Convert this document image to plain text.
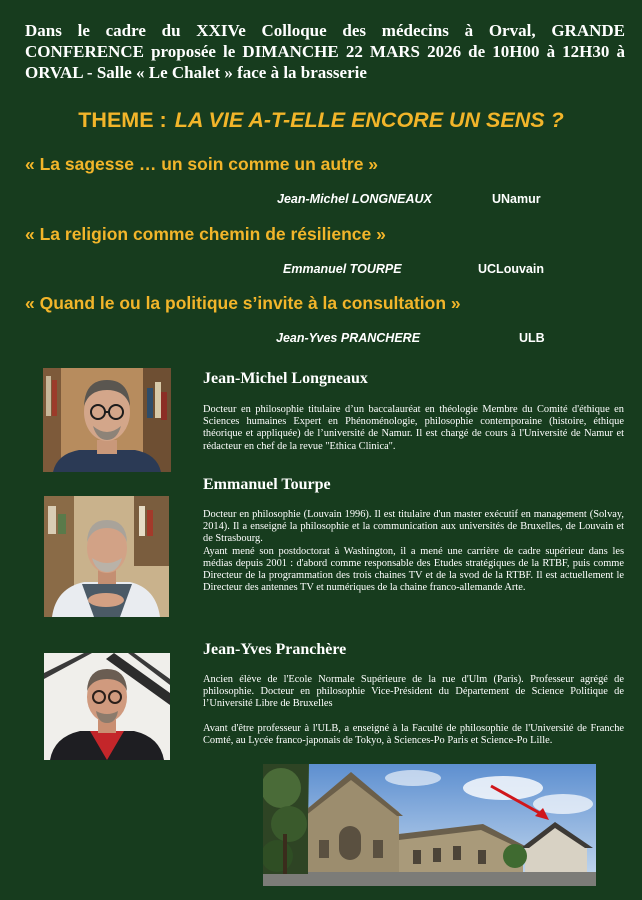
Dans le cadre du XXIVe Colloque des médecins à Orval, GRANDE CONFERENCE proposée le DIMANCHE 22 MARS 2026 de 10H00 à 12H30 à ORVAL - Salle « Le Chalet » face à la brasserie
THEME : LA VIE A-T-ELLE ENCORE UN SENS ?
« La sagesse … un soin comme un autre »
Jean-Michel LONGNEAUX	UNamur
« La religion comme chemin de résilience »
Emmanuel TOURPE	UCLouvain
« Quand le ou la politique s’invite à la consultation »
Jean-Yves PRANCHERE	ULB
Jean-Michel Longneaux

Docteur en philosophie titulaire d’un baccalauréat en théologie Membre du Comité d'éthique en Sciences humaines Expert en Phénoménologie, philosophie contemporaine (histoire, éthique théorique et appliquée) de l’université de Namur. Il est chargé de cours à l'Université de Namur et rédacteur en chef de la revue "Ethica Clinica".

Emmanuel Tourpe

Docteur en philosophie (Louvain 1996). Il est titulaire d'un master exécutif en management (Solvay, 2014). Il a enseigné la philosophie et la communication aux universités de Bruxelles, de Louvain et de Strasbourg.

Ayant mené son postdoctorat à Washington, il a mené une carrière de cadre supérieur dans les médias depuis 2001 : d'abord comme responsable des Etudes stratégiques de la RTBF, puis comme Directeur de la programmation des trois chaines TV et de la svod de la RTBF. Il est actuellement le Directeur des antennes TV et numériques de la chaine franco-allemande Arte.

Jean-Yves Pranchère

Ancien élève de l'Ecole Normale Supérieure de la rue d'Ulm (Paris). Professeur agrégé de philosophie. Docteur en philosophie Vice-Président du Département de Science Politique de l’Université Libre de Bruxelles

Avant d'être professeur à l'ULB, a enseigné à la Faculté de philosophie de l'Université de Franche Comté, au Lycée franco-japonais de Tokyo, à Sciences-Po Paris et Science-Po Lille.
